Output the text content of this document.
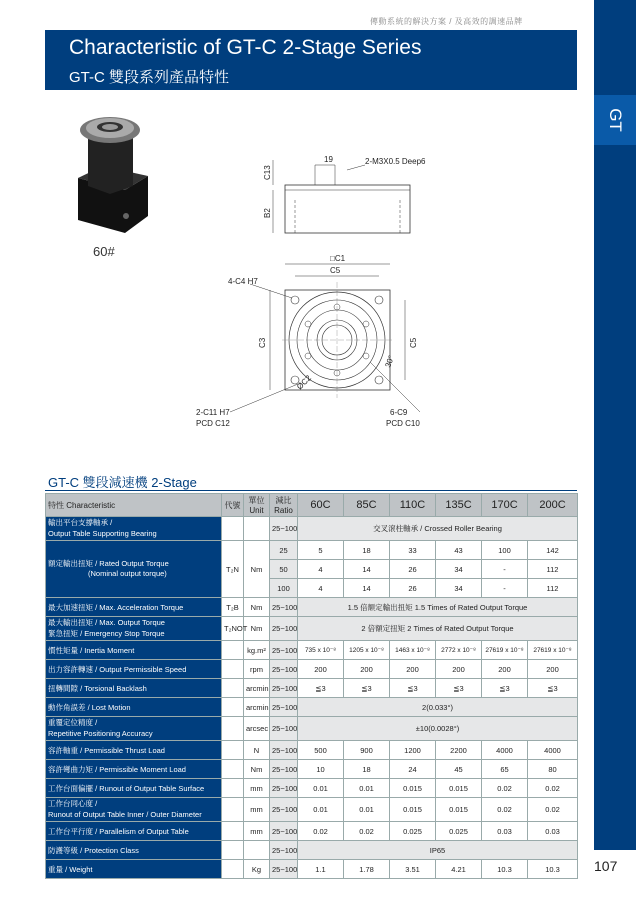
傳動系統的解決方案 / 及高效的調速品牌
Characteristic of GT-C 2-Stage Series
GT-C 雙段系列產品特性
GT
107
60#
19	2-M3X0.5 Deep6
C13
B2
□C1
C5
4-C4 H7
C3	C5
ØC2
30°
2-C11 H7
PCD C12
6-C9
PCD C10
GT-C 雙段減速機 2-Stage
特性 Characteristic	代號	單位
Unit	減比
Ratio	60C	85C	110C	135C	170C	200C
輸出平台支撐軸承 /
Output Table Supporting Bearing			25~100	交叉滾柱軸承 / Crossed Roller Bearing					
額定輸出扭矩 / Rated Output Torque

(Nominal output torque)	T₂N	Nm	25	5	18	33	43	100	142
			50	4	14	26	34	-	112
			100	4	14	26	34	-	112
最大加速扭矩 / Max. Acceleration Torque	T₂B	Nm	25~100	1.5 倍額定輸出扭矩 1.5 Times of Rated Output Torque					
最大輸出扭矩 / Max. Output Torque
緊急扭矩 / Emergency Stop Torque	T₂NOT	Nm	25~100	2 倍額定扭矩 2 Times of Rated Output Torque					
慣性矩量 / Inertia Moment		kg.m²	25~100	735 x 10⁻⁸	1205 x 10⁻⁸	1463 x 10⁻⁸	2772 x 10⁻⁸	27619 x 10⁻⁸	27619 x 10⁻⁸
出力容許轉速 / Output Permissible Speed		rpm	25~100	200	200	200	200	200	200
扭轉間隙 / Torsional Backlash		arcmin	25~100	≦3	≦3	≦3	≦3	≦3	≦3
動作角誤差 / Lost Motion		arcmin	25~100	2(0.033°)					
重覆定位精度 /
Repetitive Positioning Accuracy		arcsec	25~100	±10(0.0028°)					
容許軸重 / Permissible Thrust Load		N	25~100	500	900	1200	2200	4000	4000
容許彎曲力矩 / Permissible Moment Load		Nm	25~100	10	18	24	45	65	80
工作台面偏擺 / Runout of Output Table Surface		mm	25~100	0.01	0.01	0.015	0.015	0.02	0.02
工作台同心度 /
Runout of Output Table Inner / Outer Diameter		mm	25~100	0.01	0.01	0.015	0.015	0.02	0.02
工作台平行度 / Parallelism of Output Table		mm	25~100	0.02	0.02	0.025	0.025	0.03	0.03
防護等級 / Protection Class			25~100	IP65					
重量 / Weight		Kg	25~100	1.1	1.78	3.51	4.21	10.3	10.3
